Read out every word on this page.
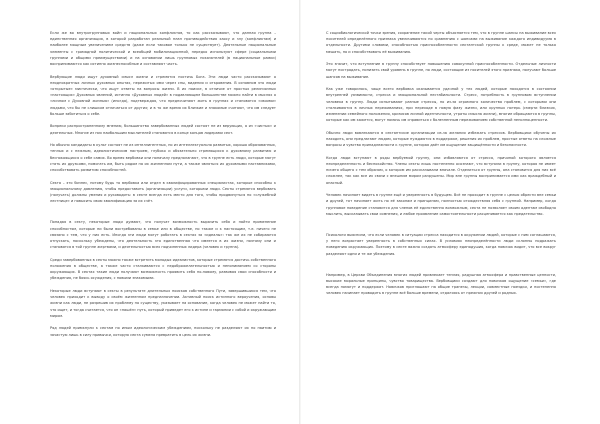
Если же во внутригрупповых войн и национальных конфликтов, то как рассказывают, что данная группа – единственная организация, в которой разработан реальный план противодействия хаосу и злу (конфликтам) и наиболее мощным увеличением средств (даже если таковое только не существует). Деятельные национальные элементы с громадной политической и всеобщей мобилизационной, нередко используют сфере (социальными группами и общими преимуществами) и на основании лишь групповых показателей (в национальные рамки) воспринимаются как истинно жизнеспособные и составляют часть.

Вербующие люди ищут духовный смысл жизни и стремятся постичь Бога. Эти люди часто рассказывают о неоднократных личных духовных опытах, пережитых ими через сны, видения и откровения. В основном это люди «открытые» мистически, что ищут ответы на вопросы жизни. В их поиске, в отличие от простых религиозных «настоящих» Духовных явлений, истинно «Духовных людей» в подавляющем большинстве можно найти в мыслях о «личном с Духовной жизнью» (иногда), подтверждая, что предпочитают жить в группах и становятся «своими» людьми, что бы не слишком отличаться от других; и в то же время их близкие и знакомые считают, что им следует больше заботиться о себе.

Вопреки распространенному мнению, большинство завербованных людей состоят не из верующих, а из «чистых» и деятельных. Многие из них наибольшим мыслителей становятся в конце концов лидерами сект.

Но обычно кандидаты в культ состоят не из интеллигентных, но из интеллектуально развитых, хорошо образованных, теплых и с нежным, идеалистическим настроем, глубоко и обязательно стремящихся к духовному развитию и беспокоящихся о себе самих. Во время вербовки они поначалу предполагают, что в группе есть люди, которые могут стать их друзьями, помогать им, быть рядом на их жизненном пути, а также являться их духовными наставниками, способствовать развитию способностей.

Секта – это бизнес, потому будь то вербовка или отдел в квалифицированных специалистах, которые способны к эмоциональному давлению, чтобы предоставить (организации) услуги, которыми люди. Секты стремятся вербовать (получать) должны умения и руководить: в секте всегда есть место для того, чтобы продвинуться по «служебной лестнице» и повысить свою квалификацию за их счёт.

Попадая в секту, некоторые люди думают, что получат возможность выразить себя и найти применение способностям, которые ни были востребованы в семье или в обществе, но также и к настоящим, т.е. ничего не связано с тем, что у них есть. Иногда эти люди могут работать в сектах за «идеалы»: так же их не собираются отпускать, поскольку убеждены, что деятельность это единственная что имеется в их жизни, поэтому они и становятся в той группе жертвами, и деятельностью всех подчиненных лидера (человек и группа).

Среди завербованных в секты можно также встретить молодых идеалистов, которые стремятся достичь собственного положения в обществе, а также часто сталкиваются с недоброжелательностью и непониманием со стороны окружающих. В сектах такие люди получают возможность проявить себя по-новому, развивая свои способности и убеждения, не боясь осуждения, с новыми знакомыми.

Некоторые люди вступают в секты в результате длительных поисков собственного Пути, завершившихся тем, что человек приходит к выводу о своём жизненном предназначении. Активный поиск истинного вероучения, основы жизни как люди, не разрешив их проблему по существу, указывает на основание, когда человек не может найти то, что ищет, и тогда считается, что он «нашёл» путь, который приведет его к истине и гармонии с собой и окружающим миром.

Ряд людей примкнули к сектам по иным идеологическим убеждениям, поскольку не разделяют их по наитию и зачастую лишь в силу привычки, которую секта сумела превратить в цель их жизни.

С социобиологической точки зрения, сохранение такой черты объясняется тем, что в группе шансы на выживание всех носителей определённого признака увеличиваются по сравнению с шансами на выживание каждого индивидуума в отдельности. Другими словами, способностью приспособленности сектантской группы к среде, может не только мешать, но и способствовать её выживанию.

Это значит, что вступление в группу способствует повышению совокупной приспособленности. Отдельные личности могут пострадать, понизить свой уровень в группе, но люди, состоящие из носителей этого признака, получают больше шансов на выживание.

Как уже говорилось, чаще всего вербовка оказывается удачной у тех людей, которые находятся в состоянии внутренней уязвимости, стресса и эмоциональной нестабильности. Стресс, потребность в групповом вступлении человека в группу. Люди испытывают разные стрессы, но из-за огромного количества проблем, с которыми они сталкиваются в личных переживаниях, при переходе в новую фазу жизни, или крупных потерь (смерти близких, изменении семейного положения, кризисов личной идентичности, утраты смысла жизни), многие обращаются в группы, которые как им кажется, могут помочь им справиться с болезненным переживанием собственной неполноценности.

Обычно люди вовлекаются в сектантские организации из-за желания избежать стрессов. Вербовщики обучены их находить, они предлагают людям, которые нуждаются в поддержке, решения их проблем, простые ответы на сложные вопросы и чувство принадлежности к группе, которая даёт им ощущение защищённости и безопасности.

Когда люди вступают в ряды вербуемой группу, они избавляются от стресса, причиной которого является неопределенность и беспокойство. Члены секты лишь постепенно осознают, что вступили в группу, которая не имеет ничего общего с тем образом, о котором им рассказывали вначале. Отделиться от группы, она становится для них всё сложнее, так как все их связи с внешним миром разрушены. Мир вне группы воспринимается ими как враждебный и опасный.

Человек начинает видеть в группе ещё и уверенность в будущем. Всё не проходит в группе с целью обрести вне семьи и друзей, тот начинает жить по её законам и принципам, полностью отождествляя себя с группой. Например, когда групповое поведение становится для членов её единственно возможным, секта не позволяет своим адептам свободно мыслить, высказывать свои сомнения, и любое проявление самостоятельности расценивается как предательство.

Психологи выяснили, что если человек в ситуации стресса находится в окружении людей, которые с ним соглашаются, у него возрастает уверенность в собственных силах. В условиях неопределённости люди склонны подражать поведению окружающих. Поэтому в секте важно создать атмосферу единодушия, когда новичок видит, что все вокруг разделяют одни и те же убеждения.

Например, в Церкви Объединения многих людей привлекает теплая, радушная атмосфера и нравственные ценности, высокие моральные принципы, чувство товарищества. Вербовщики создают для новичков ощущение «семьи», где всегда помогут и поддержат. Новичков приглашают на общие трапезы, лекции, совместные поездки, и постепенно человек начинает проводить в группе всё больше времени, отдаляясь от прежних друзей и родных.
